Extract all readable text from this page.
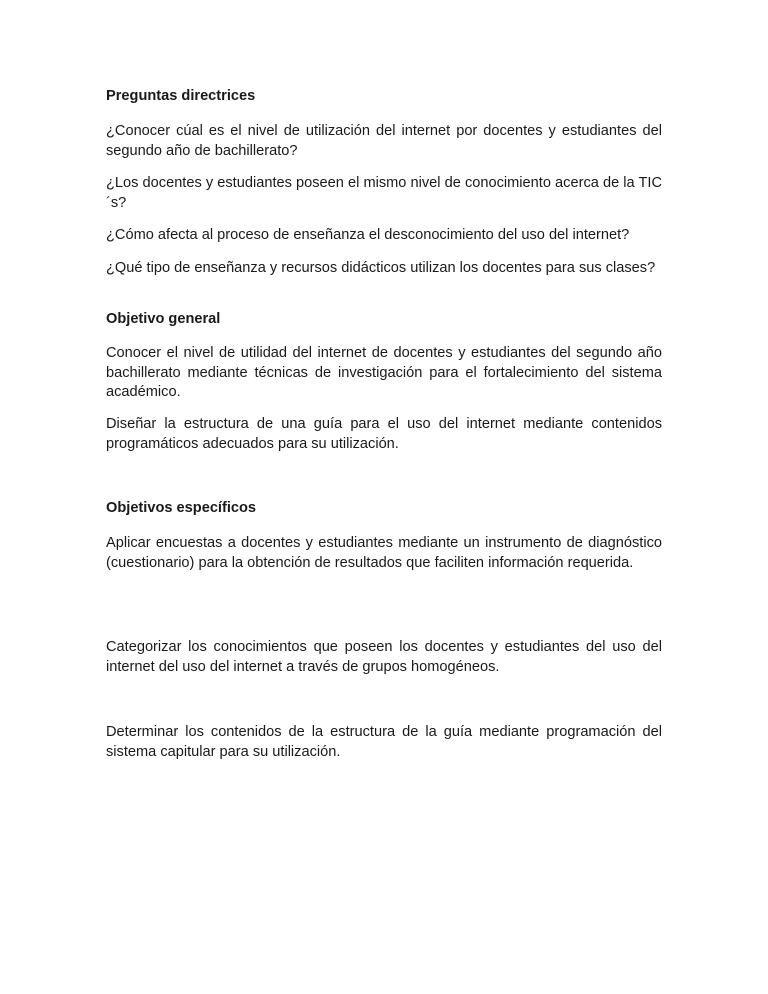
Preguntas directrices

¿Conocer cúal es el nivel de utilización del internet por docentes y estudiantes del segundo año de bachillerato?

¿Los docentes y estudiantes poseen el mismo nivel de conocimiento acerca de la TIC´s?

¿Cómo afecta al proceso de enseñanza el desconocimiento del uso del internet?

¿Qué tipo de enseñanza y recursos didácticos utilizan los docentes para sus clases?

Objetivo general

Conocer el nivel de utilidad del internet de docentes y estudiantes del segundo año bachillerato mediante técnicas de investigación para el fortalecimiento del sistema académico.

Diseñar la estructura de una guía para el uso del internet mediante contenidos programáticos adecuados para su utilización.

Objetivos específicos

Aplicar encuestas a docentes y estudiantes mediante un instrumento de diagnóstico (cuestionario) para la obtención de resultados que faciliten información requerida.

Categorizar los conocimientos que poseen los docentes y estudiantes del uso del internet del uso del internet a través de grupos homogéneos.

Determinar los contenidos de la estructura de la guía mediante programación del sistema capitular para su utilización.
